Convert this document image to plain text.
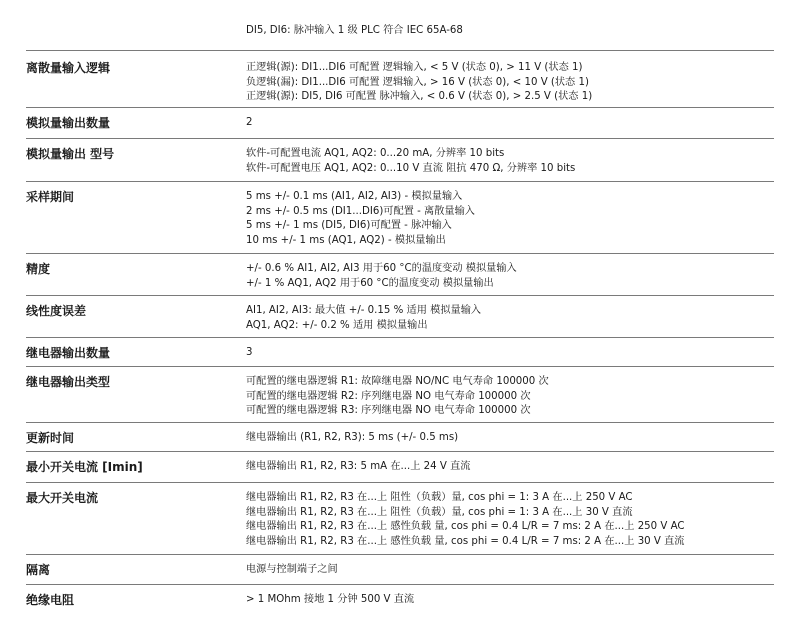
DI5, DI6: 脉冲输入 1 级 PLC 符合 IEC 65A-68
离散量输入逻辑	正逻辑(源): DI1...DI6 可配置 逻辑输入, < 5 V (状态 0), > 11 V (状态 1)
负逻辑(漏): DI1...DI6 可配置 逻辑输入, > 16 V (状态 0), < 10 V (状态 1)
正逻辑(源): DI5, DI6 可配置 脉冲输入, < 0.6 V (状态 0), > 2.5 V (状态 1)
模拟量输出数量	2
模拟量输出 型号	软件-可配置电流 AQ1, AQ2: 0...20 mA, 分辨率 10 bits
软件-可配置电压 AQ1, AQ2: 0...10 V 直流 阻抗 470 Ω, 分辨率 10 bits
采样期间	5 ms +/- 0.1 ms (AI1, AI2, AI3) - 模拟量输入
2 ms +/- 0.5 ms (DI1...DI6)可配置 - 离散量输入
5 ms +/- 1 ms (DI5, DI6)可配置 - 脉冲输入
10 ms +/- 1 ms (AQ1, AQ2) - 模拟量输出
精度	+/- 0.6 % AI1, AI2, AI3 用于60 °C的温度变动 模拟量输入
+/- 1 % AQ1, AQ2 用于60 °C的温度变动 模拟量输出
线性度误差	AI1, AI2, AI3: 最大值 +/- 0.15 % 适用 模拟量输入
AQ1, AQ2: +/- 0.2 % 适用 模拟量输出
继电器输出数量	3
继电器输出类型	可配置的继电器逻辑 R1: 故障继电器 NO/NC 电气寿命 100000 次
可配置的继电器逻辑 R2: 序列继电器 NO 电气寿命 100000 次
可配置的继电器逻辑 R3: 序列继电器 NO 电气寿命 100000 次
更新时间	继电器输出 (R1, R2, R3): 5 ms (+/- 0.5 ms)
最小开关电流 [Imin]	继电器输出 R1, R2, R3: 5 mA 在...上 24 V 直流
最大开关电流	继电器输出 R1, R2, R3 在...上 阻性（负载）量, cos phi = 1: 3 A 在...上 250 V AC
继电器输出 R1, R2, R3 在...上 阻性（负载）量, cos phi = 1: 3 A 在...上 30 V 直流
继电器输出 R1, R2, R3 在...上 感性负载 量, cos phi = 0.4 L/R = 7 ms: 2 A 在...上 250 V AC
继电器输出 R1, R2, R3 在...上 感性负载 量, cos phi = 0.4 L/R = 7 ms: 2 A 在...上 30 V 直流
隔离	电源与控制端子之间
绝缘电阻	> 1 MOhm 接地 1 分钟 500 V 直流
